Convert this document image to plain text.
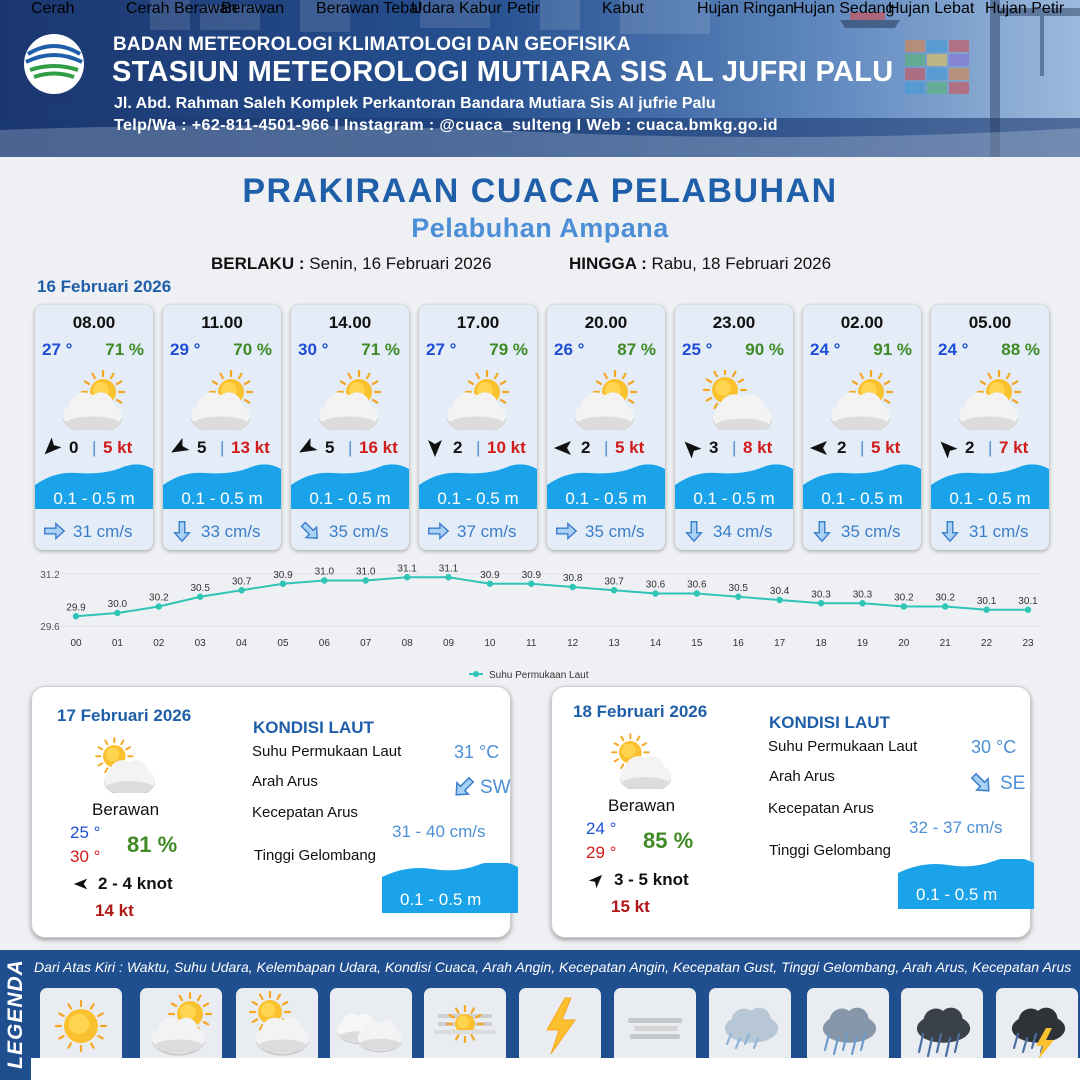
BMKG
BADAN METEOROLOGI KLIMATOLOGI DAN GEOFISIKA
STASIUN METEOROLOGI MUTIARA SIS AL JUFRI PALU
Jl. Abd. Rahman Saleh Komplek Perkantoran Bandara Mutiara Sis Al jufrie Palu
Telp/Wa : +62-811-4501-966 I Instagram : @cuaca_sulteng I Web : cuaca.bmkg.go.id
PRAKIRAAN CUACA PELABUHAN
Pelabuhan Ampana
BERLAKU : Senin, 16 Februari 2026	HINGGA : Rabu, 18 Februari 2026
16 Februari 2026
08.00
27 ° 71 %
0 | 5 kt
0.1 - 0.5 m
31 cm/s
11.00
29 ° 70 %
5 | 13 kt
0.1 - 0.5 m
33 cm/s
14.00
30 ° 71 %
5 | 16 kt
0.1 - 0.5 m
35 cm/s
17.00
27 ° 79 %
2 | 10 kt
0.1 - 0.5 m
37 cm/s
20.00
26 ° 87 %
2 | 5 kt
0.1 - 0.5 m
35 cm/s
23.00
25 ° 90 %
3 | 8 kt
0.1 - 0.5 m
34 cm/s
02.00
24 ° 91 %
2 | 5 kt
0.1 - 0.5 m
35 cm/s
05.00
24 ° 88 %
2 | 7 kt
0.1 - 0.5 m
31 cm/s
29.6
31.2
29.9
00
30.0
01
30.2
02
30.5
03
30.7
04
30.9
05
31.0
06
31.0
07
31.1
08
31.1
09
30.9
10
30.9
11
30.8
12
30.7
13
30.6
14
30.6
15
30.5
16
30.4
17
30.3
18
30.3
19
30.2
20
30.2
21
30.1
22
30.1
23
Suhu Permukaan Laut
17 Februari 2026
Berawan
25 °
30 ° 81 %
2 - 4 knot
14 kt
KONDISI LAUT
Suhu Permukaan Laut	31 °C
Arah Arus	SW
Kecepatan Arus
31 - 40 cm/s
Tinggi Gelombang
0.1 - 0.5 m
18 Februari 2026
Berawan
24 °
29 ° 85 %
3 - 5 knot
15 kt
KONDISI LAUT
Suhu Permukaan Laut	30 °C
Arah Arus	SE
Kecepatan Arus
32 - 37 cm/s
Tinggi Gelombang
0.1 - 0.5 m
LEGENDA Dari Atas Kiri : Waktu, Suhu Udara, Kelembapan Udara, Kondisi Cuaca, Arah Angin, Kecepatan Angin, Kecepatan Gust, Tinggi Gelombang, Arah Arus, Kecepatan Arus
Cerah	Cerah Berawan
Berawan Berawan Tebal
Udara Kabur Petir	Kabut	Hujan Ringan Hujan Sedang
Hujan Lebat Hujan Petir
